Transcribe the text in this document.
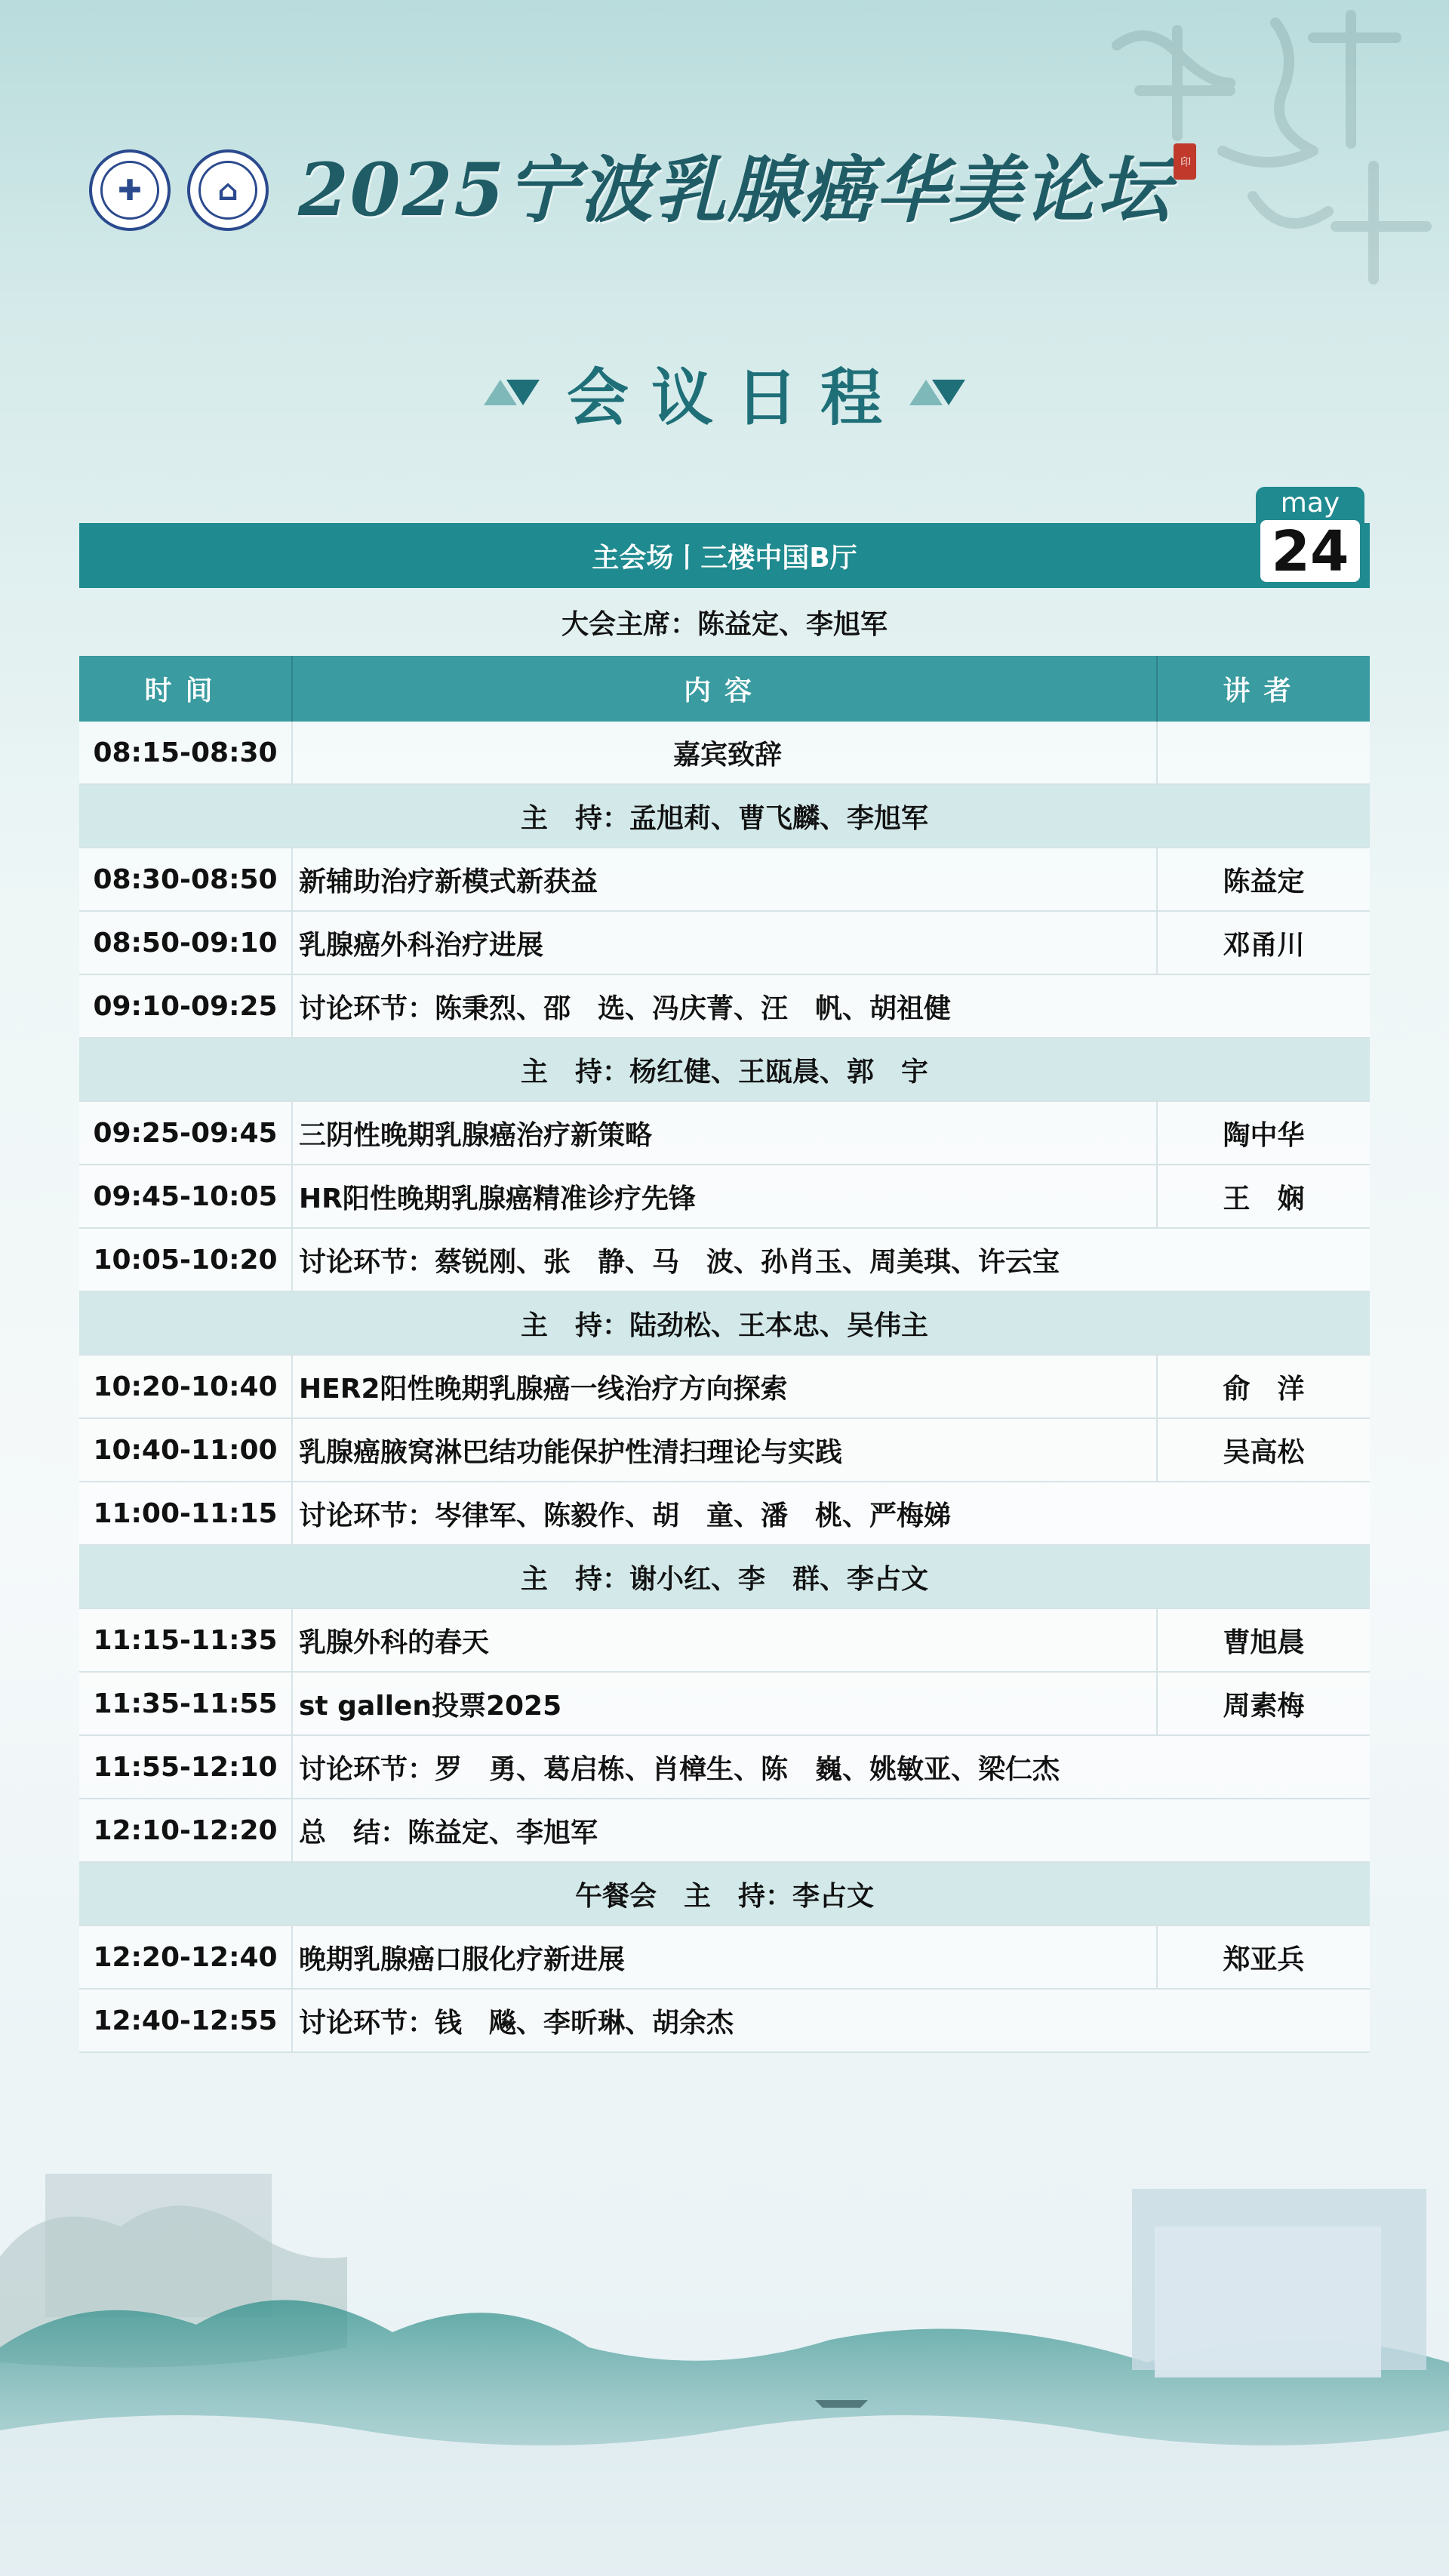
✚	⌂ 2025宁波乳腺癌华美论坛 印
会议日程
主会场丨三楼中国B厅
may
24
大会主席：陈益定、李旭军
时间	内容	讲者
08:15-08:30	嘉宾致辞	
主　持：孟旭莉、曹飞麟、李旭军		
08:30-08:50	新辅助治疗新模式新获益	陈益定
08:50-09:10	乳腺癌外科治疗进展	邓甬川
09:10-09:25	讨论环节：陈秉烈、邵　选、冯庆菁、汪　帆、胡祖健	
主　持：杨红健、王瓯晨、郭　宇		
09:25-09:45	三阴性晚期乳腺癌治疗新策略	陶中华
09:45-10:05	HR阳性晚期乳腺癌精准诊疗先锋	王　娴
10:05-10:20	讨论环节：蔡锐刚、张　静、马　波、孙肖玉、周美琪、许云宝	
主　持：陆劲松、王本忠、吴伟主		
10:20-10:40	HER2阳性晚期乳腺癌一线治疗方向探索	俞　洋
10:40-11:00	乳腺癌腋窝淋巴结功能保护性清扫理论与实践	吴高松
11:00-11:15	讨论环节：岑律军、陈毅作、胡　童、潘　桃、严梅娣	
主　持：谢小红、李　群、李占文		
11:15-11:35	乳腺外科的春天	曹旭晨
11:35-11:55	st gallen投票2025	周素梅
11:55-12:10	讨论环节：罗　勇、葛启栋、肖樟生、陈　巍、姚敏亚、梁仁杰	
12:10-12:20	总　结：陈益定、李旭军	
午餐会　主　持：李占文		
12:20-12:40	晚期乳腺癌口服化疗新进展	郑亚兵
12:40-12:55	讨论环节：钱　飚、李昕琳、胡余杰	
